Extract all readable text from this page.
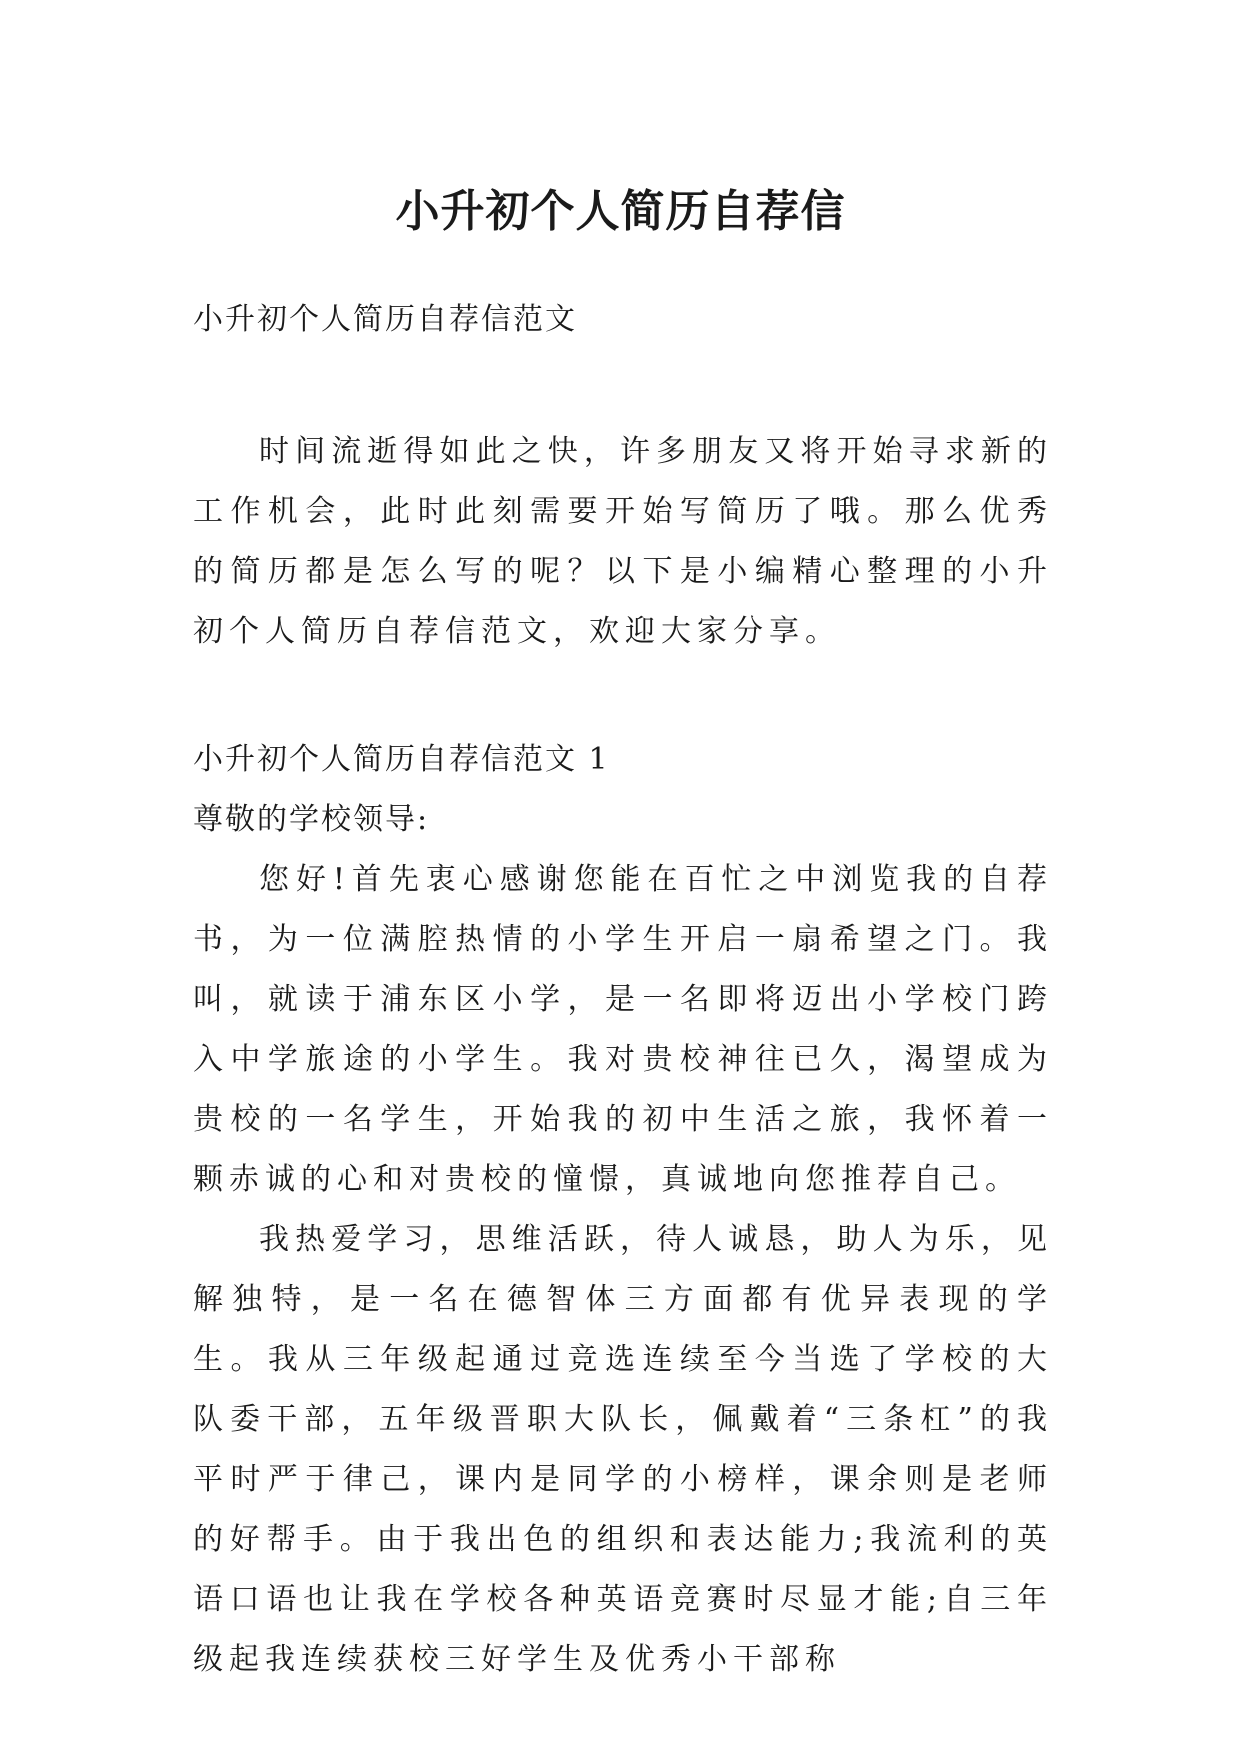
小升初个人简历自荐信

小升初个人简历自荐信范文

时间流逝得如此之快，许多朋友又将开始寻求新的工作机会，此时此刻需要开始写简历了哦。那么优秀的简历都是怎么写的呢？以下是小编精心整理的小升初个人简历自荐信范文，欢迎大家分享。

小升初个人简历自荐信范文 1

尊敬的学校领导:

您好!首先衷心感谢您能在百忙之中浏览我的自荐书，为一位满腔热情的小学生开启一扇希望之门。我叫，就读于浦东区小学，是一名即将迈出小学校门跨入中学旅途的小学生。我对贵校神往已久，渴望成为贵校的一名学生，开始我的初中生活之旅，我怀着一颗赤诚的心和对贵校的憧憬，真诚地向您推荐自己。

我热爱学习，思维活跃，待人诚恳，助人为乐，见解独特，是一名在德智体三方面都有优异表现的学生。我从三年级起通过竞选连续至今当选了学校的大队委干部，五年级晋职大队长，佩戴着“三条杠”的我平时严于律己，课内是同学的小榜样，课余则是老师的好帮手。由于我出色的组织和表达能力;我流利的英语口语也让我在学校各种英语竞赛时尽显才能;自三年级起我连续获校三好学生及优秀小干部称
